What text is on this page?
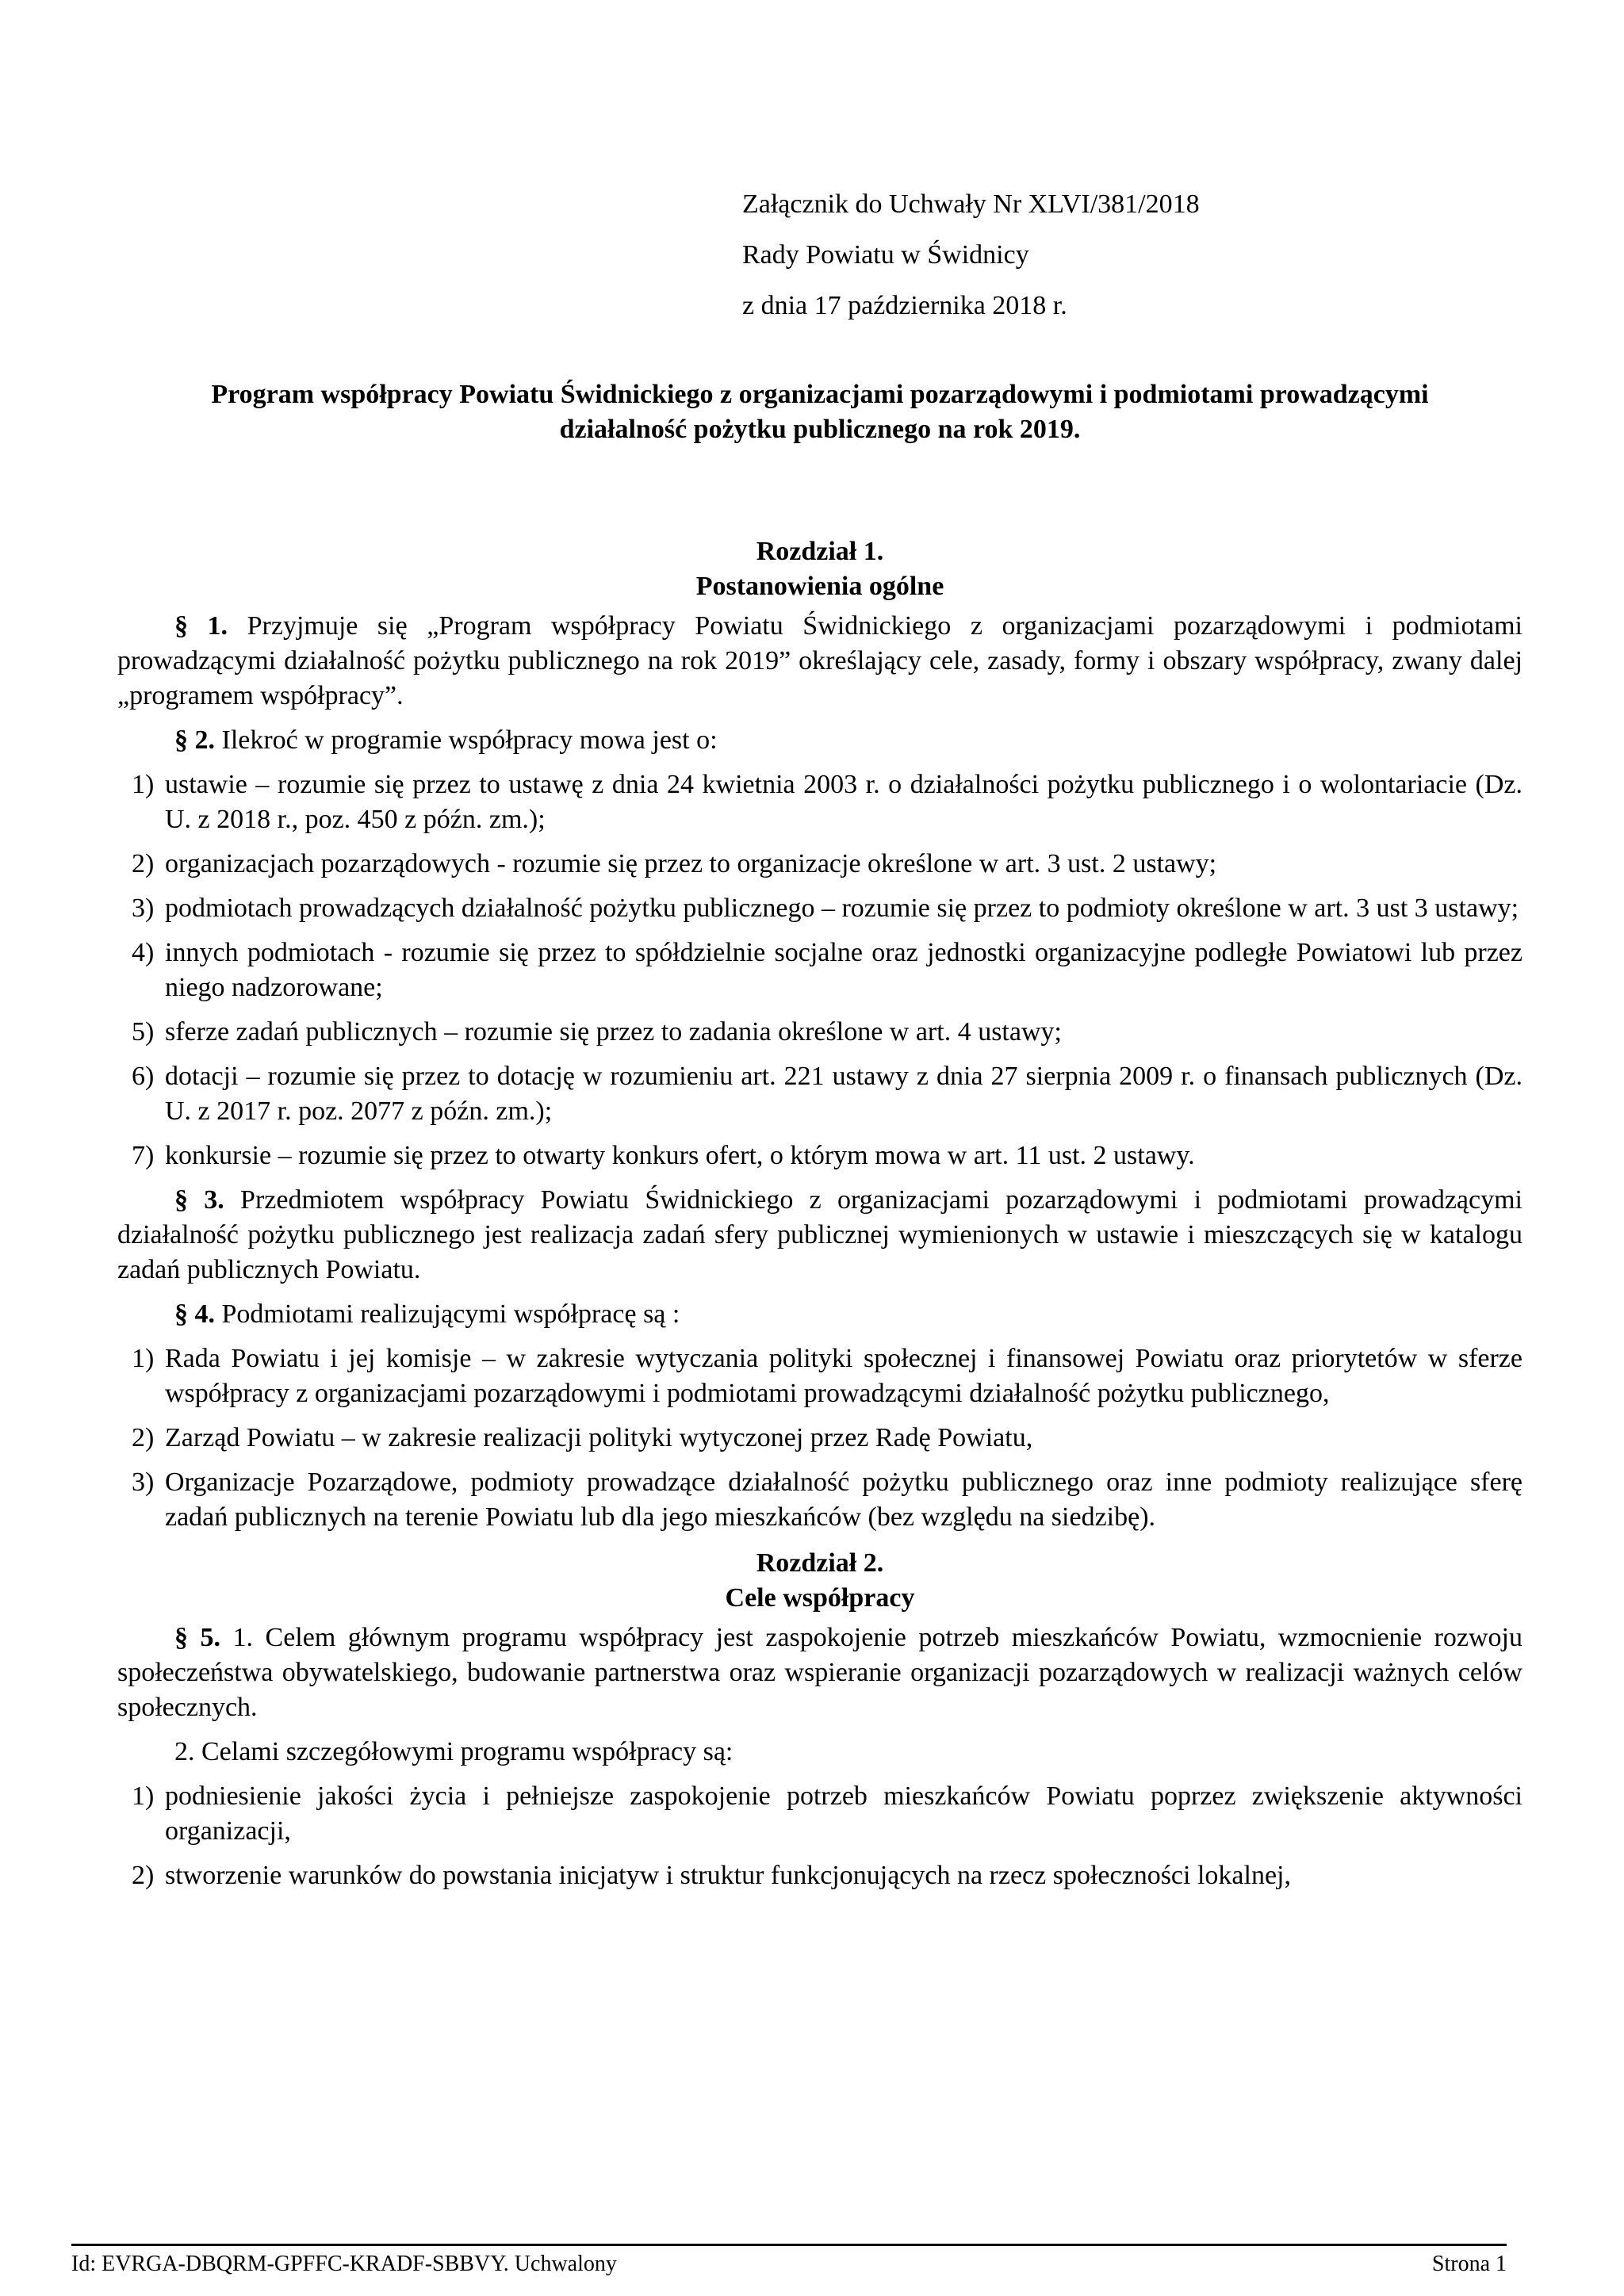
Załącznik do Uchwały Nr XLVI/381/2018
Rady Powiatu w Świdnicy
z dnia 17 października 2018 r.
Program współpracy Powiatu Świdnickiego z organizacjami pozarządowymi i podmiotami prowadzącymi
działalność pożytku publicznego na rok 2019.
Rozdział 1.
Postanowienia ogólne

§ 1. Przyjmuje się „Program współpracy Powiatu Świdnickiego z organizacjami pozarządowymi i podmiotami prowadzącymi działalność pożytku publicznego na rok 2019” określający cele, zasady, formy i obszary współpracy, zwany dalej „programem współpracy”.

§ 2. Ilekroć w programie współpracy mowa jest o:

1) ustawie – rozumie się przez to ustawę z dnia 24 kwietnia 2003 r. o działalności pożytku publicznego i o wolontariacie (Dz. U. z 2018 r., poz. 450 z późn. zm.);
2) organizacjach pozarządowych - rozumie się przez to organizacje określone w art. 3 ust. 2 ustawy;
3) podmiotach prowadzących działalność pożytku publicznego – rozumie się przez to podmioty określone w art. 3 ust 3 ustawy;
4) innych podmiotach - rozumie się przez to spółdzielnie socjalne oraz jednostki organizacyjne podległe Powiatowi lub przez niego nadzorowane;
5) sferze zadań publicznych – rozumie się przez to zadania określone w art. 4 ustawy;
6) dotacji – rozumie się przez to dotację w rozumieniu art. 221 ustawy z dnia 27 sierpnia 2009 r. o finansach publicznych (Dz. U. z 2017 r. poz. 2077 z późn. zm.);
7) konkursie – rozumie się przez to otwarty konkurs ofert, o którym mowa w art. 11 ust. 2 ustawy.

§ 3. Przedmiotem współpracy Powiatu Świdnickiego z organizacjami pozarządowymi i podmiotami prowadzącymi działalność pożytku publicznego jest realizacja zadań sfery publicznej wymienionych w ustawie i mieszczących się w katalogu zadań publicznych Powiatu.

§ 4. Podmiotami realizującymi współpracę są :

1) Rada Powiatu i jej komisje – w zakresie wytyczania polityki społecznej i finansowej Powiatu oraz priorytetów w sferze współpracy z organizacjami pozarządowymi i podmiotami prowadzącymi działalność pożytku publicznego,
2) Zarząd Powiatu – w zakresie realizacji polityki wytyczonej przez Radę Powiatu,
3) Organizacje Pozarządowe, podmioty prowadzące działalność pożytku publicznego oraz inne podmioty realizujące sferę zadań publicznych na terenie Powiatu lub dla jego mieszkańców (bez względu na siedzibę).
Rozdział 2.
Cele współpracy

§ 5. 1. Celem głównym programu współpracy jest zaspokojenie potrzeb mieszkańców Powiatu, wzmocnienie rozwoju społeczeństwa obywatelskiego, budowanie partnerstwa oraz wspieranie organizacji pozarządowych w realizacji ważnych celów społecznych.

2. Celami szczegółowymi programu współpracy są:

1) podniesienie jakości życia i pełniejsze zaspokojenie potrzeb mieszkańców Powiatu poprzez zwiększenie aktywności organizacji,
2) stworzenie warunków do powstania inicjatyw i struktur funkcjonujących na rzecz społeczności lokalnej,
Id: EVRGA-DBQRM-GPFFC-KRADF-SBBVY. Uchwalony	Strona 1
